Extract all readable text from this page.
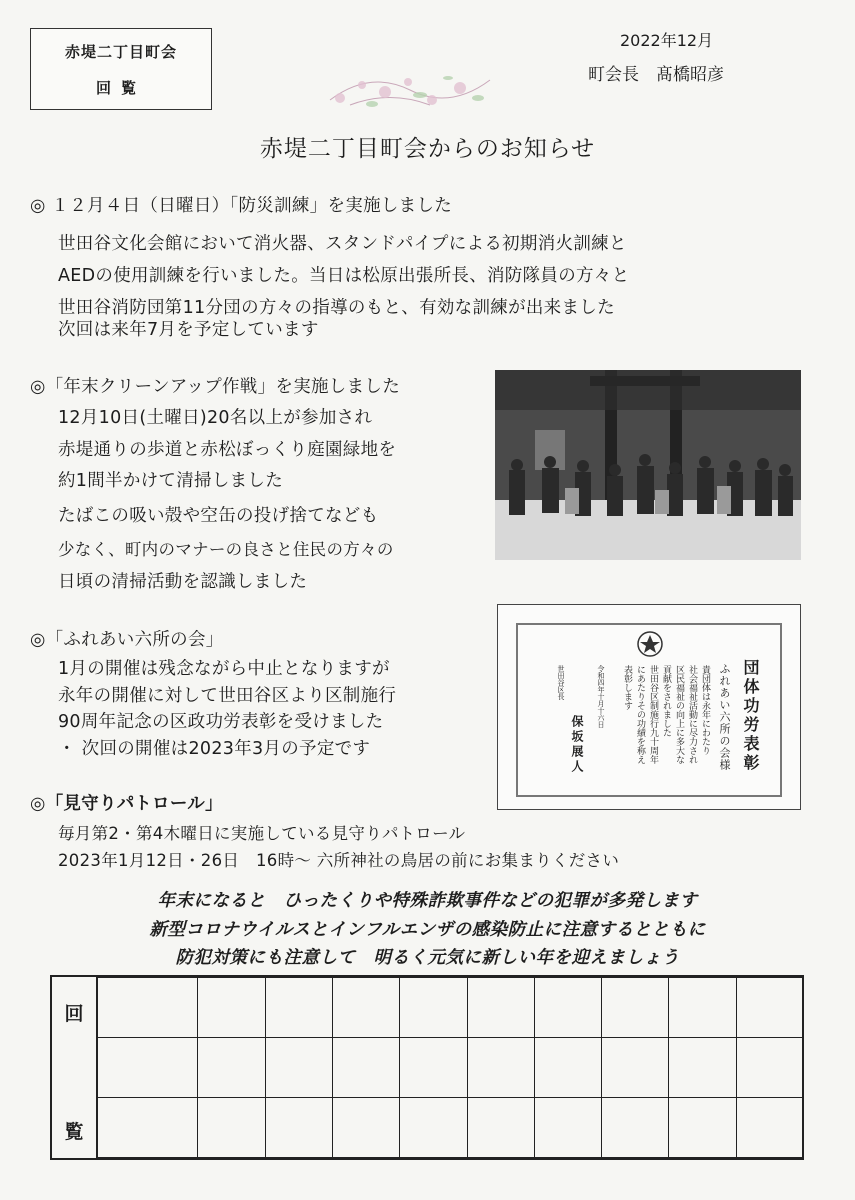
赤堤二丁目町会
回覧
2022年12月
町会長　髙橋昭彦
赤堤二丁目町会からのお知らせ
◎ １２月４日（日曜日）「防災訓練」を実施しました
世田谷文化会館において消火器、スタンドパイプによる初期消火訓練と
AEDの使用訓練を行いました。当日は松原出張所長、消防隊員の方々と
世田谷消防団第11分団の方々の指導のもと、有効な訓練が出来ました
次回は来年7月を予定しています
◎「年末クリーンアップ作戦」を実施しました
12月10日(土曜日)20名以上が参加され
赤堤通りの歩道と赤松ぼっくり庭園緑地を
約1間半かけて清掃しました
たばこの吸い殻や空缶の投げ捨てなども
少なく、町内のマナーの良さと住民の方々の
日頃の清掃活動を認識しました
◎「ふれあい六所の会」
1月の開催は残念ながら中止となりますが
永年の開催に対して世田谷区より区制施行
90周年記念の区政功労表彰を受けました
・ 次回の開催は2023年3月の予定です	団体功労表彰
ふれあい六所の会様
貴団体は永年にわたり
社会福祉活動に尽力され
区民福祉の向上に多大な
貢献をされました
世田谷区制施行九十周年
にあたりその功績を称え
表彰します
令和四年十月十六日
世田谷区長
保坂展人
◎「見守りパトロール」
毎月第2・第4木曜日に実施している見守りパトロール
2023年1月12日・26日　16時～ 六所神社の鳥居の前にお集まりください
年末になると　ひったくりや特殊詐欺事件などの犯罪が多発します
新型コロナウイルスとインフルエンザの感染防止に注意するとともに
防犯対策にも注意して　明るく元気に新しい年を迎えましょう
回
覧
